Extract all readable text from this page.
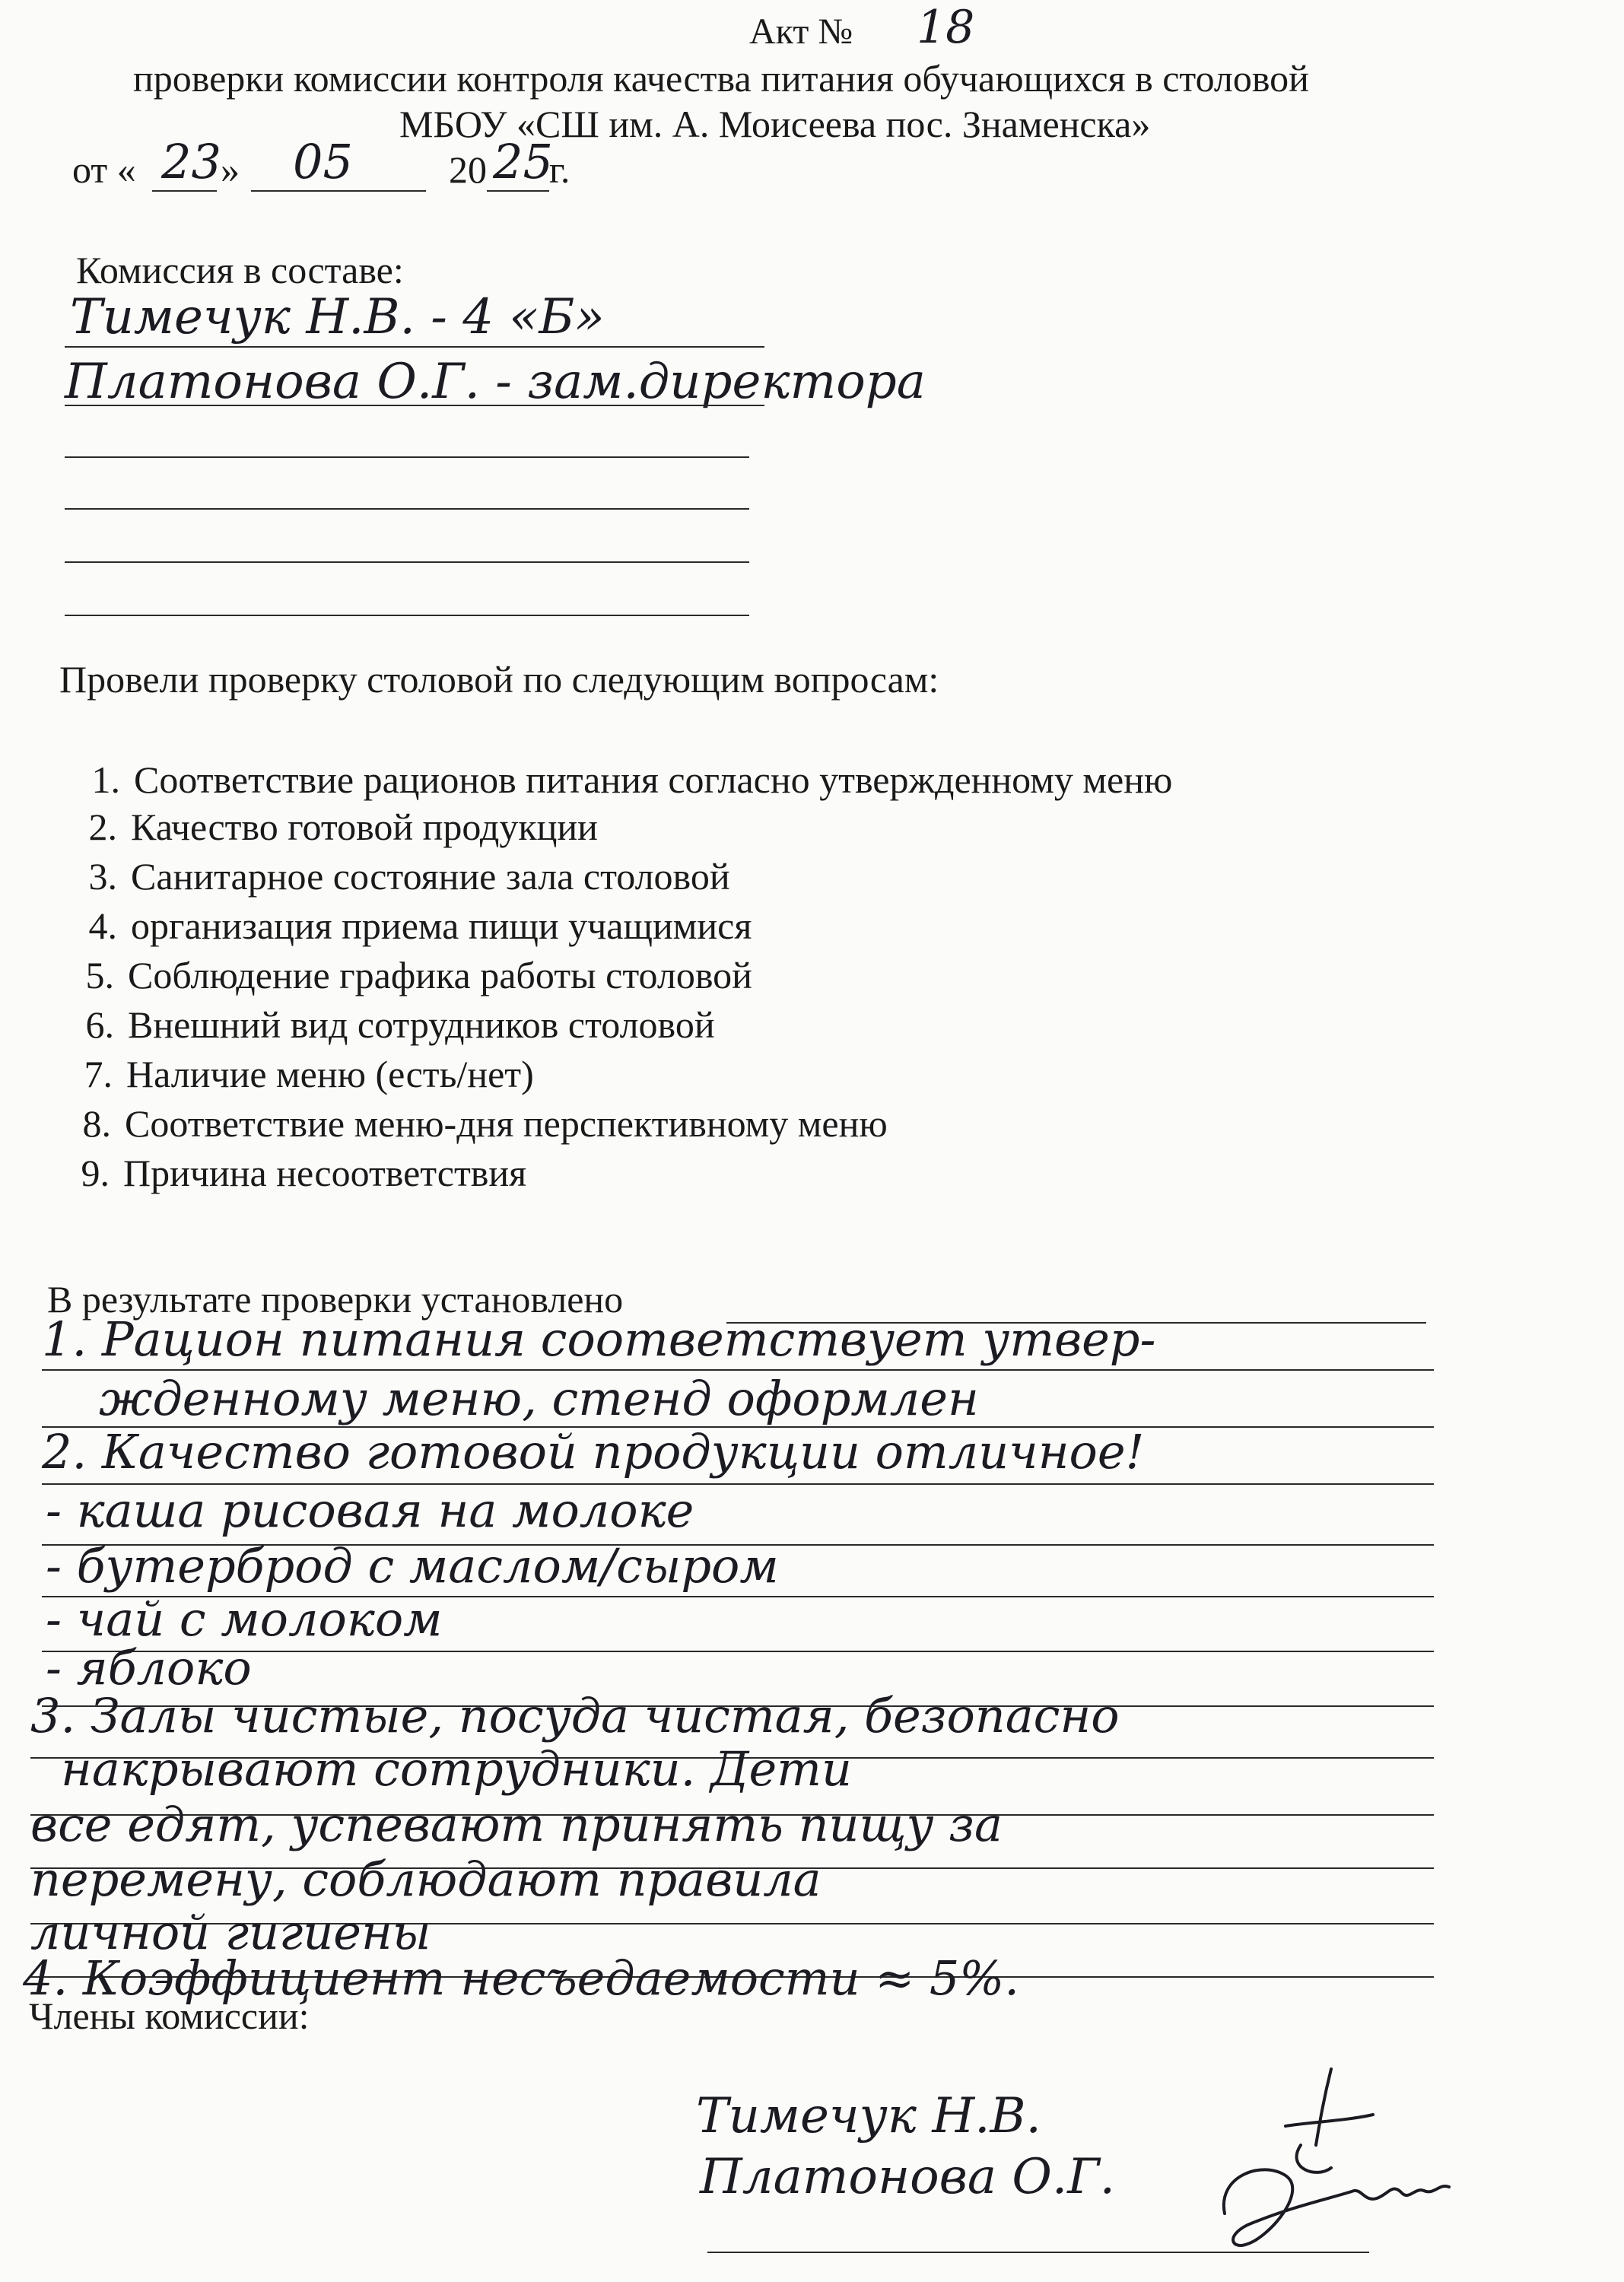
Акт № 18
проверки комиссии контроля качества питания обучающихся в столовой
МБОУ «СШ им. А. Моисеева пос. Знаменска»
от « 23 » 05	20 25
г.
Комиссия в составе:
Тимечук Н.В. - 4 «Б»
Платонова О.Г. - зам.директора
Провели проверку столовой по следующим вопросам:
1. Соответствие рационов питания согласно утвержденному меню
2. Качество готовой продукции
3. Санитарное состояние зала столовой
4. организация приема пищи учащимися
5. Соблюдение графика работы столовой
6. Внешний вид сотрудников столовой
7. Наличие меню (есть/нет)
8. Соответствие меню-дня перспективному меню
9. Причина несоответствия
В результате проверки установлено
1. Рацион питания соответствует утвер-
жденному меню, стенд оформлен
2. Качество готовой продукции отличное!
- каша рисовая на молоке
- бутерброд с маслом/сыром
- чай с молоком
- яблоко
3. Залы чистые, посуда чистая, безопасно
накрывают сотрудники. Дети
все едят, успевают принять пищу за
перемену, соблюдают правила
личной гигиены
4. Коэффициент несъедаемости ≈ 5%.
Члены комиссии:
Тимечук Н.В.
Платонова О.Г.
